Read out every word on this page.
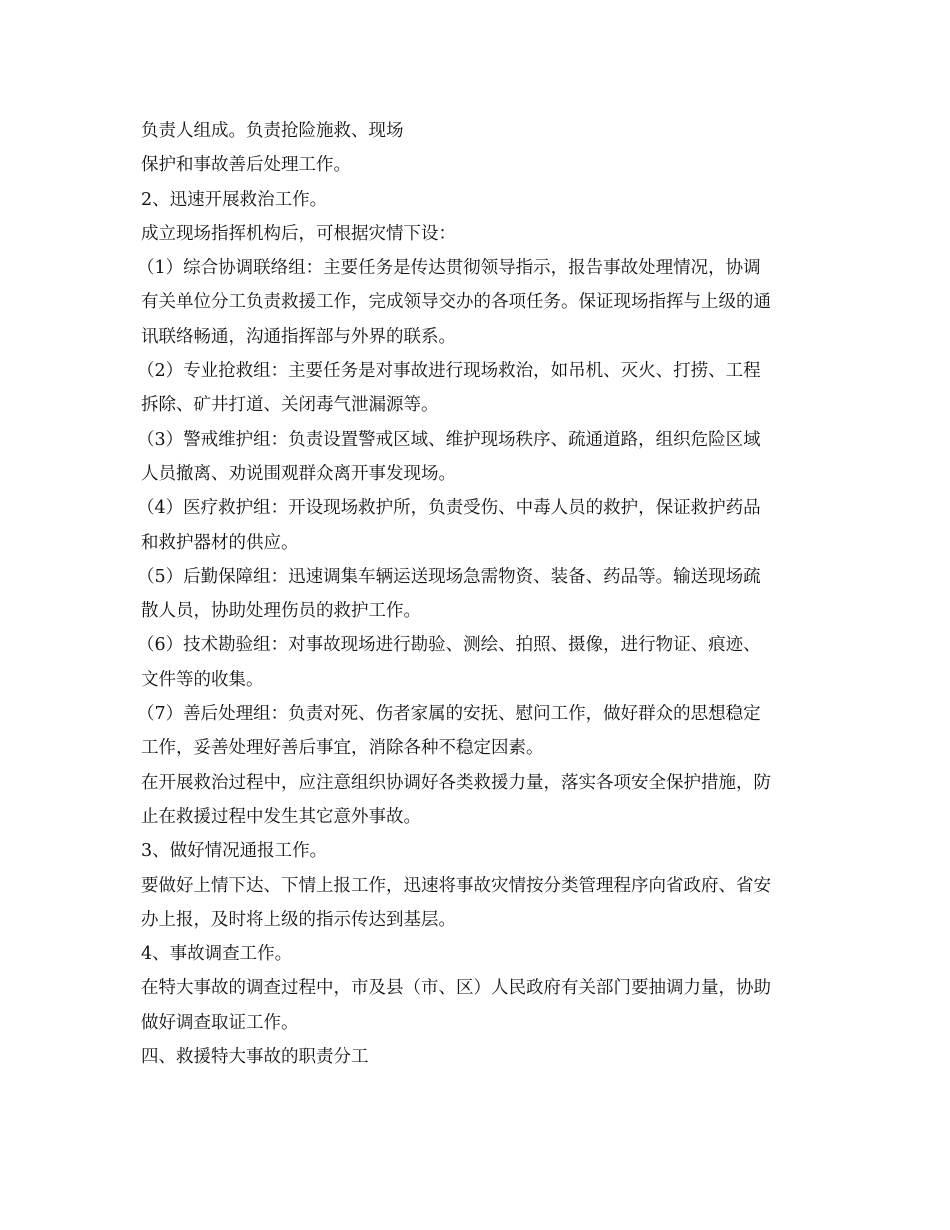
负责人组成。负责抢险施救、现场
保护和事故善后处理工作。
2、迅速开展救治工作。
成立现场指挥机构后，可根据灾情下设：
（1）综合协调联络组：主要任务是传达贯彻领导指示，报告事故处理情况，协调
有关单位分工负责救援工作，完成领导交办的各项任务。保证现场指挥与上级的通
讯联络畅通，沟通指挥部与外界的联系。
（2）专业抢救组：主要任务是对事故进行现场救治，如吊机、灭火、打捞、工程
拆除、矿井打道、关闭毒气泄漏源等。
（3）警戒维护组：负责设置警戒区域、维护现场秩序、疏通道路，组织危险区域
人员撤离、劝说围观群众离开事发现场。
（4）医疗救护组：开设现场救护所，负责受伤、中毒人员的救护，保证救护药品
和救护器材的供应。
（5）后勤保障组：迅速调集车辆运送现场急需物资、装备、药品等。输送现场疏
散人员，协助处理伤员的救护工作。
（6）技术勘验组：对事故现场进行勘验、测绘、拍照、摄像，进行物证、痕迹、
文件等的收集。
（7）善后处理组：负责对死、伤者家属的安抚、慰问工作，做好群众的思想稳定
工作，妥善处理好善后事宜，消除各种不稳定因素。
在开展救治过程中，应注意组织协调好各类救援力量，落实各项安全保护措施，防
止在救援过程中发生其它意外事故。
3、做好情况通报工作。
要做好上情下达、下情上报工作，迅速将事故灾情按分类管理程序向省政府、省安
办上报，及时将上级的指示传达到基层。
4、事故调查工作。
在特大事故的调查过程中，市及县（市、区）人民政府有关部门要抽调力量，协助
做好调查取证工作。
四、救援特大事故的职责分工
